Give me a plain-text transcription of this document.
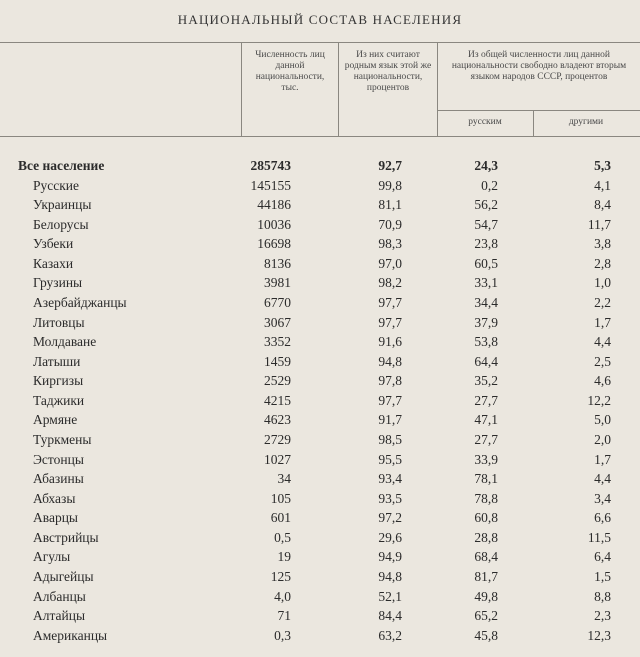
НАЦИОНАЛЬНЫЙ СОСТАВ НАСЕЛЕНИЯ
Численность лиц данной национальности, тыс.
Из них считают родным язык этой же национальности, процентов
Из общей численности лиц данной национальности свободно владеют вторым языком народов СССР, процентов
русским	другими
Все население	285743	92,7	24,3	5,3
Русские	145155	99,8	0,2	4,1
Украинцы	44186	81,1	56,2	8,4
Белорусы	10036	70,9	54,7	11,7
Узбеки	16698	98,3	23,8	3,8
Казахи	8136	97,0	60,5	2,8
Грузины	3981	98,2	33,1	1,0
Азербайджанцы	6770	97,7	34,4	2,2
Литовцы	3067	97,7	37,9	1,7
Молдаване	3352	91,6	53,8	4,4
Латыши	1459	94,8	64,4	2,5
Киргизы	2529	97,8	35,2	4,6
Таджики	4215	97,7	27,7	12,2
Армяне	4623	91,7	47,1	5,0
Туркмены	2729	98,5	27,7	2,0
Эстонцы	1027	95,5	33,9	1,7
Абазины	34	93,4	78,1	4,4
Абхазы	105	93,5	78,8	3,4
Аварцы	601	97,2	60,8	6,6
Австрийцы	0,5	29,6	28,8	11,5
Агулы	19	94,9	68,4	6,4
Адыгейцы	125	94,8	81,7	1,5
Албанцы	4,0	52,1	49,8	8,8
Алтайцы	71	84,4	65,2	2,3
Американцы	0,3	63,2	45,8	12,3
